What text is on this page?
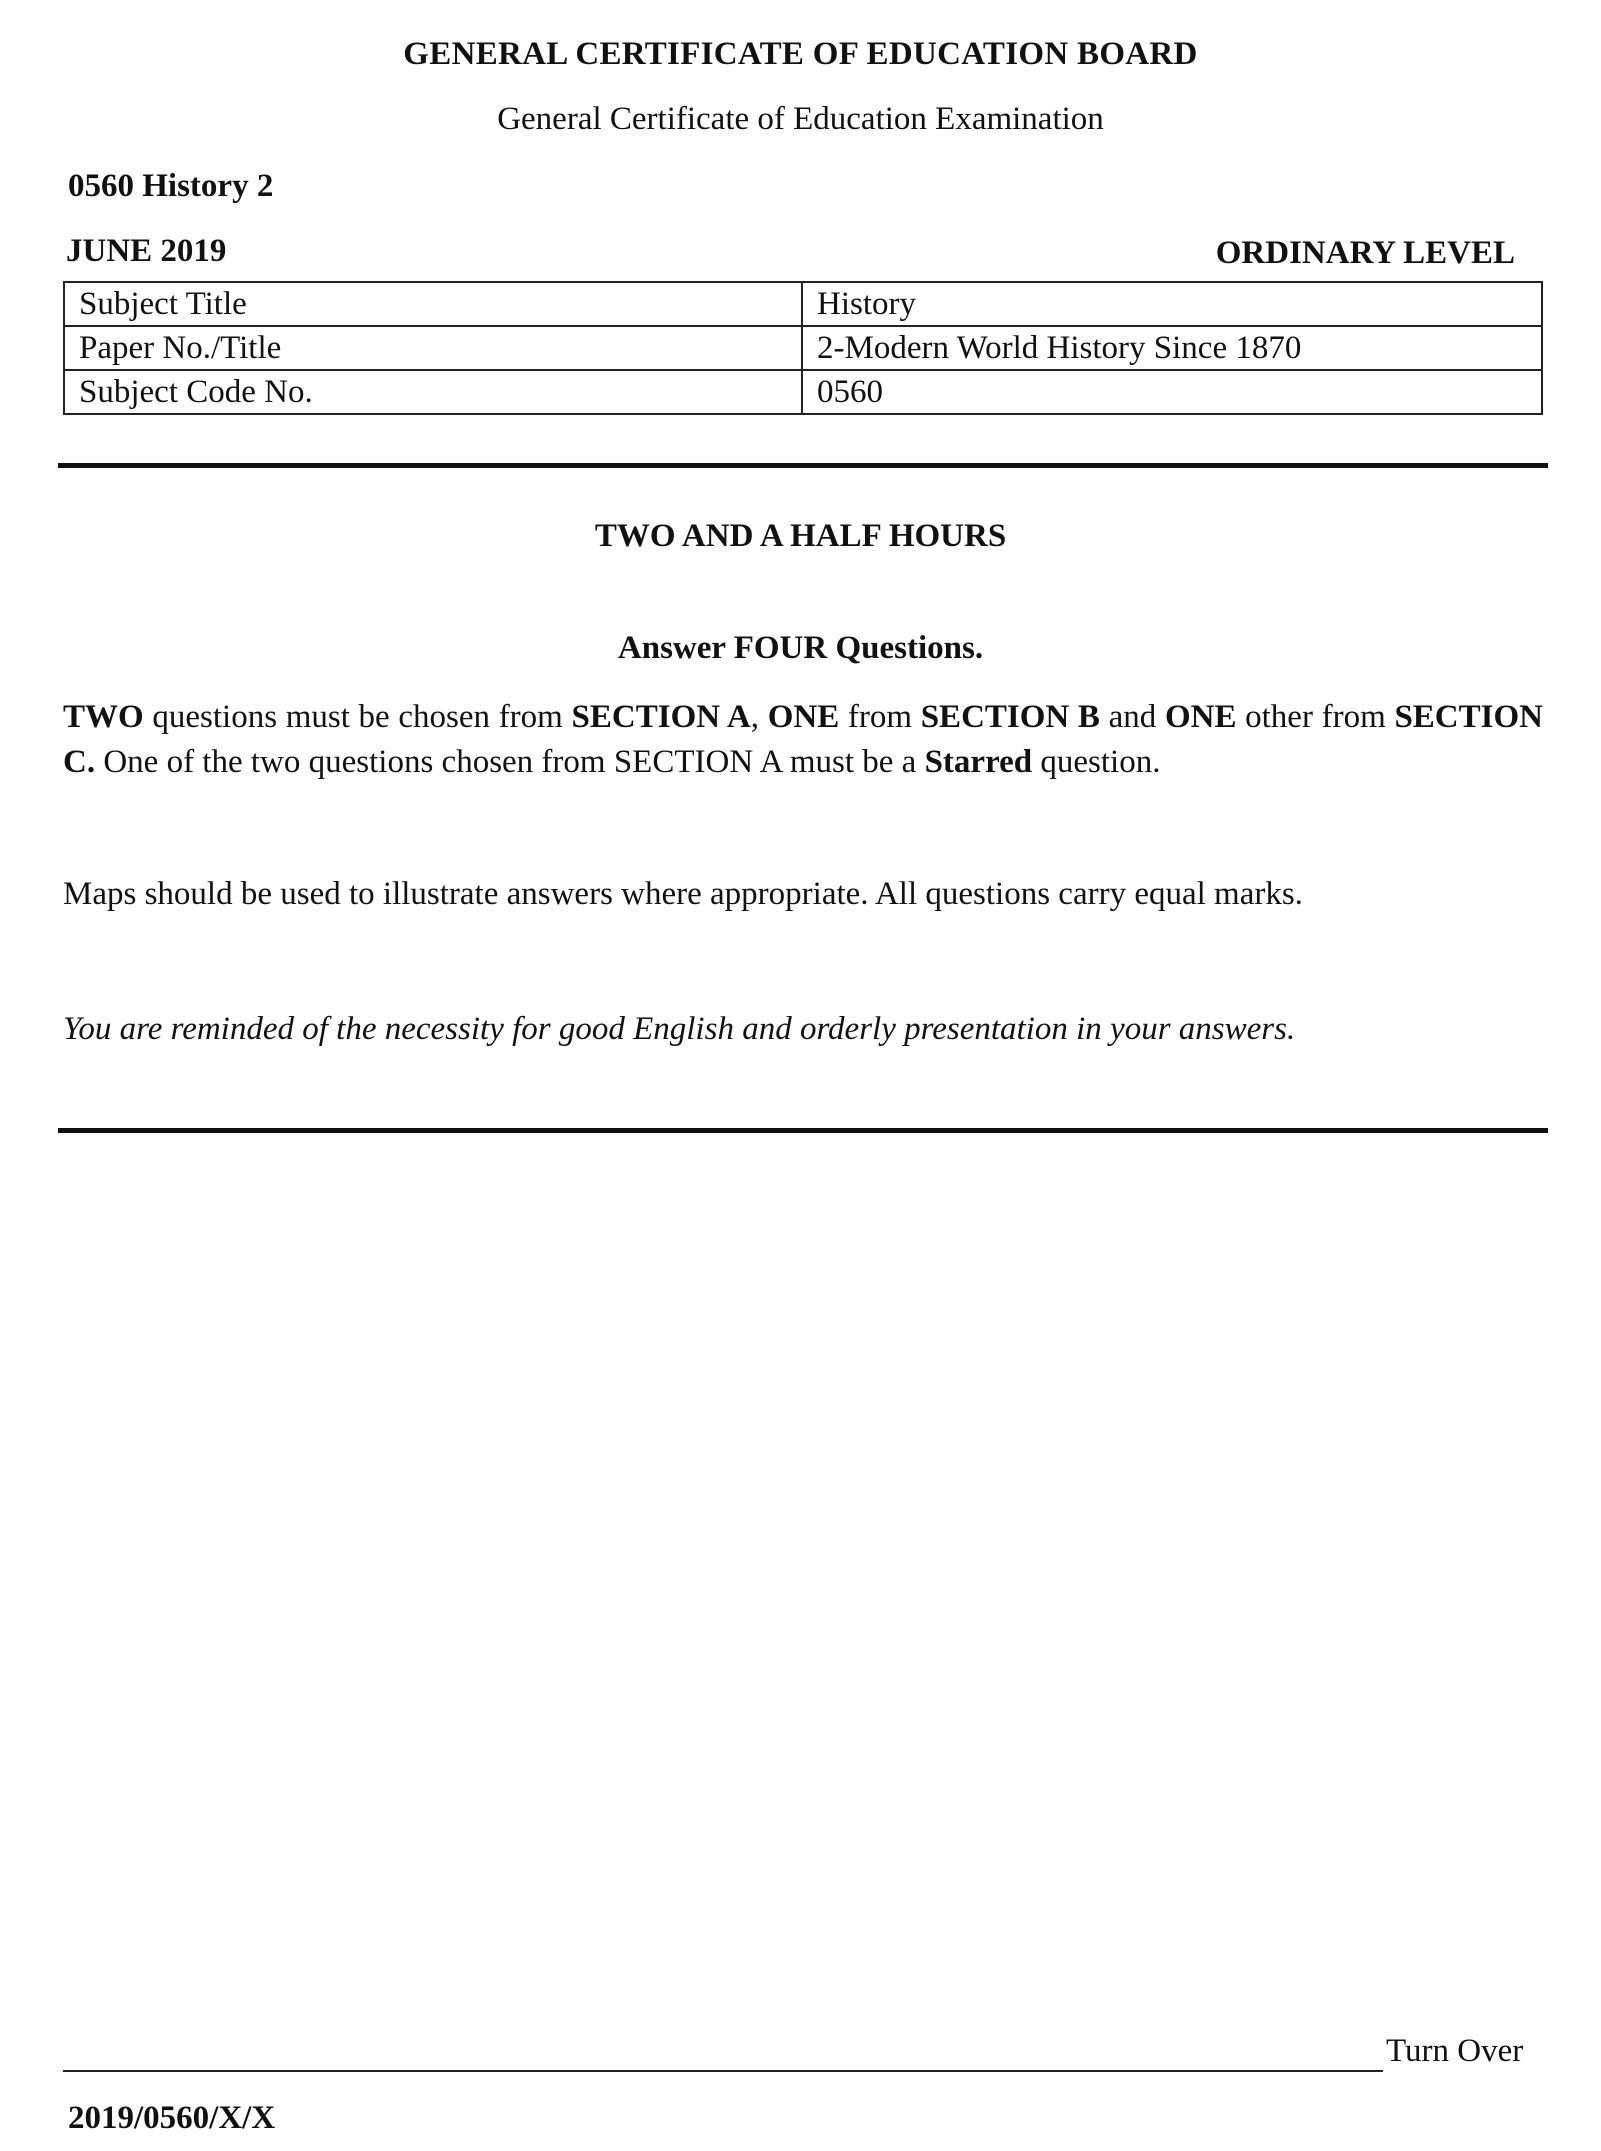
GENERAL CERTIFICATE OF EDUCATION BOARD
General Certificate of Education Examination
0560 History 2
JUNE 2019	ORDINARY LEVEL
Subject Title	History
Paper No./Title	2-Modern World History Since 1870
Subject Code No.	0560
TWO AND A HALF HOURS
Answer FOUR Questions.
TWO questions must be chosen from SECTION A, ONE from SECTION B and ONE other from SECTION C. One of the two questions chosen from SECTION A must be a Starred question.
Maps should be used to illustrate answers where appropriate. All questions carry equal marks.
You are reminded of the necessity for good English and orderly presentation in your answers.
Turn Over
2019/0560/X/X
